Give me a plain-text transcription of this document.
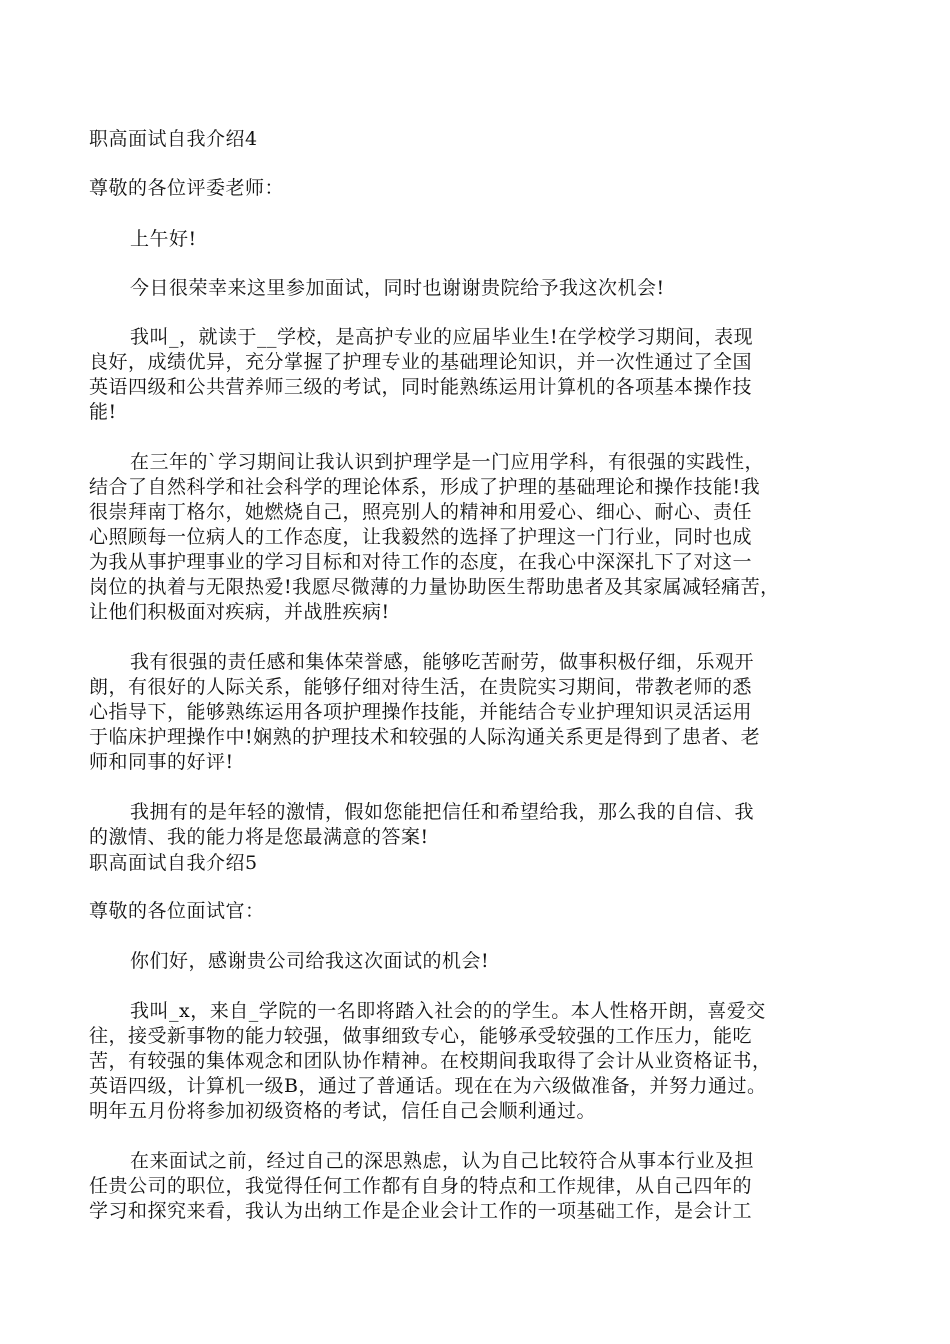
职高面试自我介绍4
尊敬的各位评委老师：
上午好!
今日很荣幸来这里参加面试，同时也谢谢贵院给予我这次机会!
我叫_，就读于__学校，是高护专业的应届毕业生!在学校学习期间，表现
良好，成绩优异，充分掌握了护理专业的基础理论知识，并一次性通过了全国
英语四级和公共营养师三级的考试，同时能熟练运用计算机的各项基本操作技
能!
在三年的`学习期间让我认识到护理学是一门应用学科，有很强的实践性，
结合了自然科学和社会科学的理论体系，形成了护理的基础理论和操作技能!我
很崇拜南丁格尔，她燃烧自己，照亮别人的精神和用爱心、细心、耐心、责任
心照顾每一位病人的工作态度，让我毅然的选择了护理这一门行业，同时也成
为我从事护理事业的学习目标和对待工作的态度，在我心中深深扎下了对这一
岗位的执着与无限热爱!我愿尽微薄的力量协助医生帮助患者及其家属减轻痛苦，
让他们积极面对疾病，并战胜疾病!
我有很强的责任感和集体荣誉感，能够吃苦耐劳，做事积极仔细，乐观开
朗，有很好的人际关系，能够仔细对待生活，在贵院实习期间，带教老师的悉
心指导下，能够熟练运用各项护理操作技能，并能结合专业护理知识灵活运用
于临床护理操作中!娴熟的护理技术和较强的人际沟通关系更是得到了患者、老
师和同事的好评!
我拥有的是年轻的激情，假如您能把信任和希望给我，那么我的自信、我
的激情、我的能力将是您最满意的答案!
职高面试自我介绍5
尊敬的各位面试官：
你们好，感谢贵公司给我这次面试的机会!
我叫_x，来自_学院的一名即将踏入社会的的学生。本人性格开朗，喜爱交
往，接受新事物的能力较强，做事细致专心，能够承受较强的工作压力，能吃
苦，有较强的集体观念和团队协作精神。在校期间我取得了会计从业资格证书，
英语四级，计算机一级B，通过了普通话。现在在为六级做准备，并努力通过。
明年五月份将参加初级资格的考试，信任自己会顺利通过。
在来面试之前，经过自己的深思熟虑，认为自己比较符合从事本行业及担
任贵公司的职位，我觉得任何工作都有自身的特点和工作规律，从自己四年的
学习和探究来看，我认为出纳工作是企业会计工作的一项基础工作，是会计工
